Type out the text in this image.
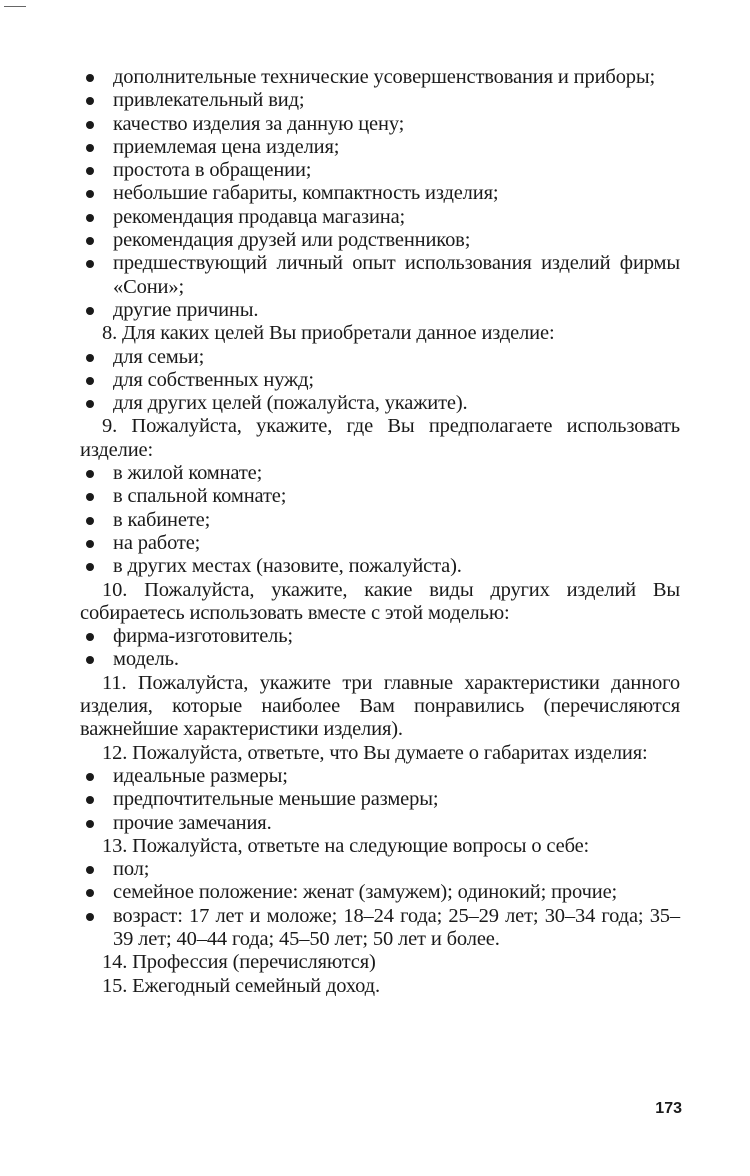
дополнительные технические усовершенствования и приборы;
привлекательный вид;
качество изделия за данную цену;
приемлемая цена изделия;
простота в обращении;
небольшие габариты, компактность изделия;
рекомендация продавца магазина;
рекомендация друзей или родственников;
предшествующий личный опыт использования изделий фирмы «Сони»;
другие причины.
8. Для каких целей Вы приобретали данное изделие:
для семьи;
для собственных нужд;
для других целей (пожалуйста, укажите).
9. Пожалуйста, укажите, где Вы предполагаете использовать изделие:
в жилой комнате;
в спальной комнате;
в кабинете;
на работе;
в других местах (назовите, пожалуйста).
10. Пожалуйста, укажите, какие виды других изделий Вы собираетесь использовать вместе с этой моделью:
фирма-изготовитель;
модель.
11. Пожалуйста, укажите три главные характеристики данного изделия, которые наиболее Вам понравились (перечисляются важнейшие характеристики изделия).
12. Пожалуйста, ответьте, что Вы думаете о габаритах изделия:
идеальные размеры;
предпочтительные меньшие размеры;
прочие замечания.
13. Пожалуйста, ответьте на следующие вопросы о себе:
пол;
семейное положение: женат (замужем); одинокий; прочие;
возраст: 17 лет и моложе; 18–24 года; 25–29 лет; 30–34 года; 35–39 лет; 40–44 года; 45–50 лет; 50 лет и более.
14. Профессия (перечисляются)
15. Ежегодный семейный доход.
173
